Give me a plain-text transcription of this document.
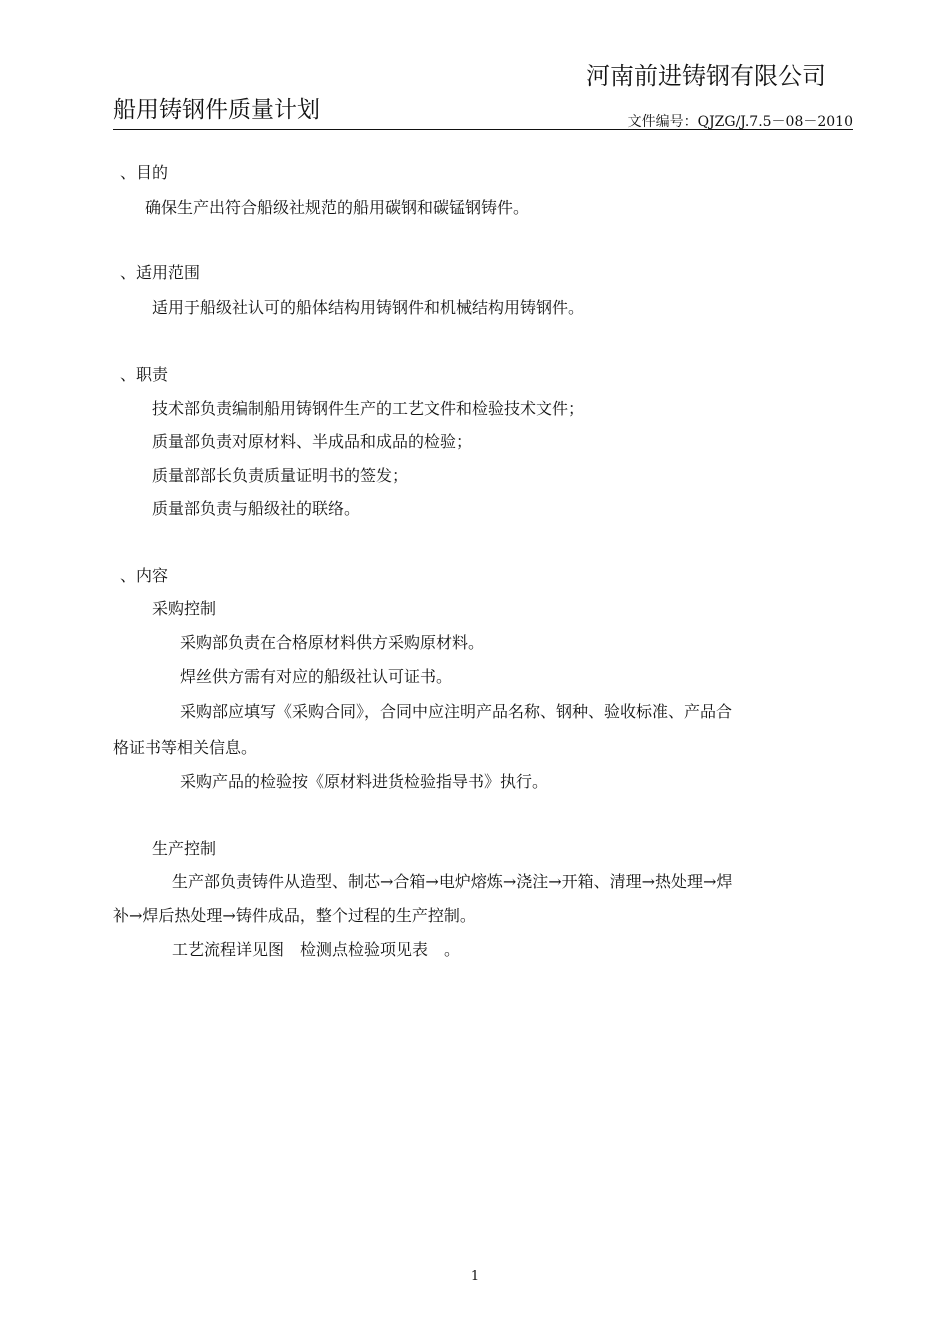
河南前进铸钢有限公司
船用铸钢件质量计划	文件编号：QJZG/J.7.5－08－2010
、目的
确保生产出符合船级社规范的船用碳钢和碳锰钢铸件。
、适用范围
适用于船级社认可的船体结构用铸钢件和机械结构用铸钢件。
、职责
技术部负责编制船用铸钢件生产的工艺文件和检验技术文件；
质量部负责对原材料、半成品和成品的检验；
质量部部长负责质量证明书的签发；
质量部负责与船级社的联络。
、内容
采购控制
采购部负责在合格原材料供方采购原材料。
焊丝供方需有对应的船级社认可证书。
采购部应填写《采购合同》，合同中应注明产品名称、钢种、验收标准、产品合
格证书等相关信息。
采购产品的检验按《原材料进货检验指导书》执行。
生产控制
生产部负责铸件从造型、制芯→合箱→电炉熔炼→浇注→开箱、清理→热处理→焊
补→焊后热处理→铸件成品，整个过程的生产控制。
工艺流程详见图　检测点检验项见表　。
1
